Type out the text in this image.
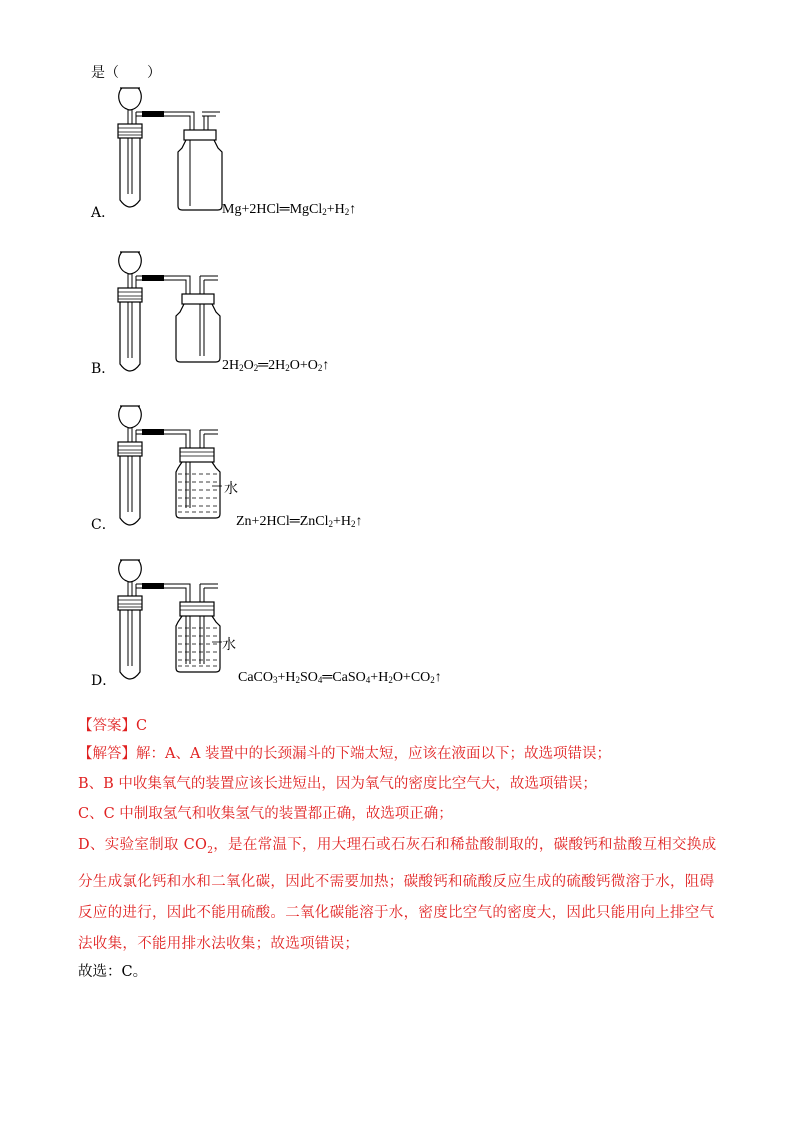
是（　　）
A．	$Mg+2HCl═MgCl_2+H_2↑$
B．	$2H_2O_2═2H_2O+O_2↑$
水
C．	$Zn+2HCl═ZnCl_2+H_2↑$
水
D．	$CaCO_3+H_2SO_4═CaSO_4+H_2O+CO_2↑$
【答案】C
【解答】解：A、A 装置中的长颈漏斗的下端太短，应该在液面以下；故选项错误；
B、B 中收集氧气的装置应该长进短出，因为氧气的密度比空气大，故选项错误；
C、C 中制取氢气和收集氢气的装置都正确，故选项正确；
D、实验室制取 $CO_2$，是在常温下，用大理石或石灰石和稀盐酸制取的，碳酸钙和盐酸互相交换成分生成氯化钙和水和二氧化碳，因此不需要加热；碳酸钙和硫酸反应生成的硫酸钙微溶于水，阻碍反应的进行，因此不能用硫酸。二氧化碳能溶于水，密度比空气的密度大，因此只能用向上排空气法收集，不能用排水法收集；故选项错误；
故选：C。
